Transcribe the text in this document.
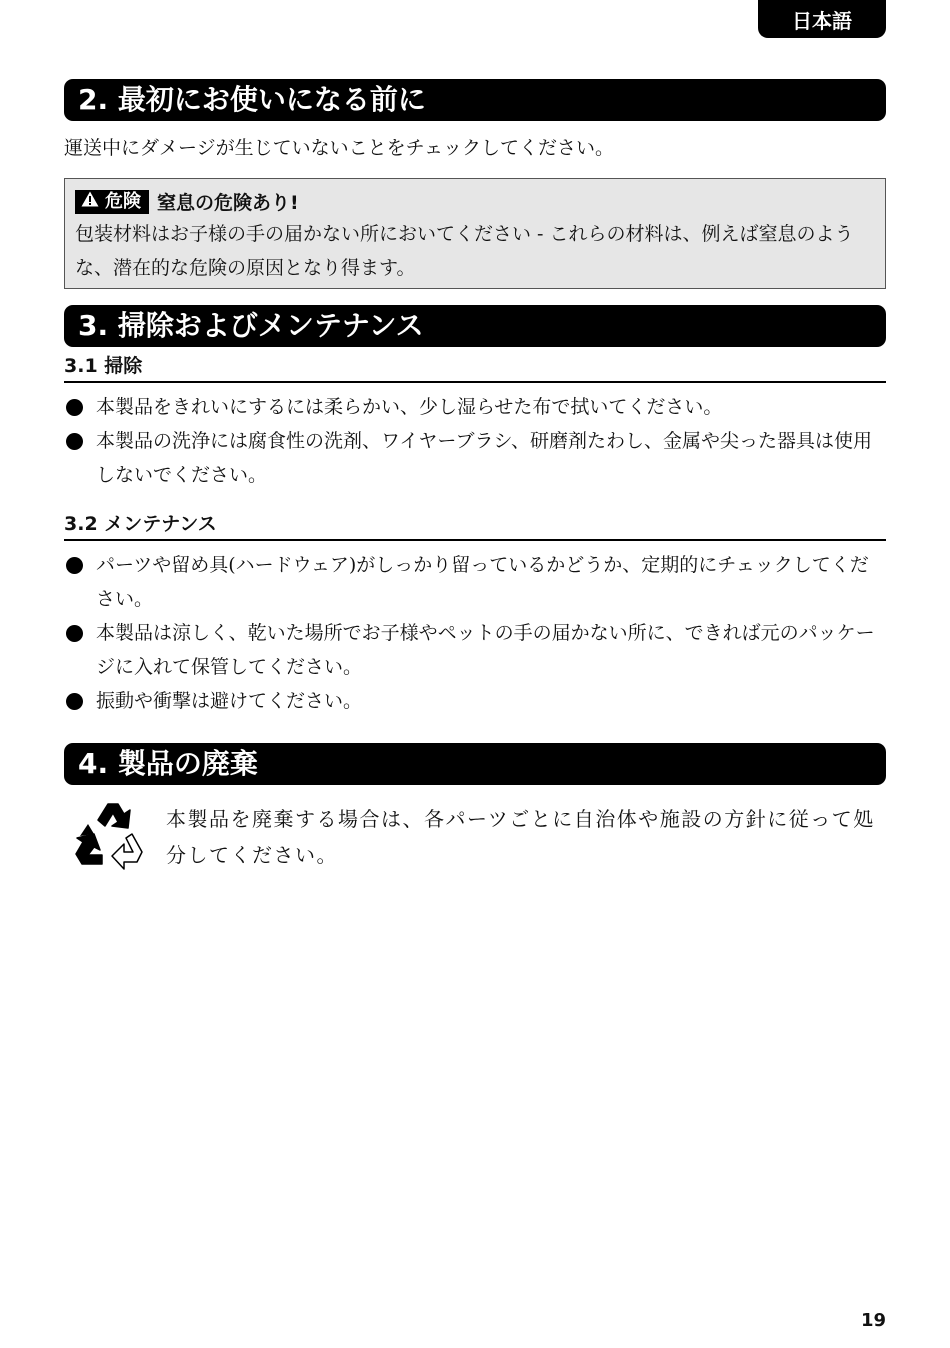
日本語
2. 最初にお使いになる前に
運送中にダメージが生じていないことをチェックしてください。
危険 窒息の危険あり!
包装材料はお子様の手の届かない所においてください - これらの材料は、例えば窒息のような、潜在的な危険の原因となり得ます。
3. 掃除およびメンテナンス
3.1 掃除
本製品をきれいにするには柔らかい、少し湿らせた布で拭いてください。
本製品の洗浄には腐食性の洗剤、ワイヤーブラシ、研磨剤たわし、金属や尖った器具は使用しないでください。
3.2 メンテナンス
パーツや留め具(ハードウェア)がしっかり留っているかどうか、定期的にチェックしてください。
本製品は涼しく、乾いた場所でお子様やペットの手の届かない所に、できれば元のパッケージに入れて保管してください。
振動や衝撃は避けてください。
4. 製品の廃棄
本製品を廃棄する場合は、各パーツごとに自治体や施設の方針に従って処分してください。
19
